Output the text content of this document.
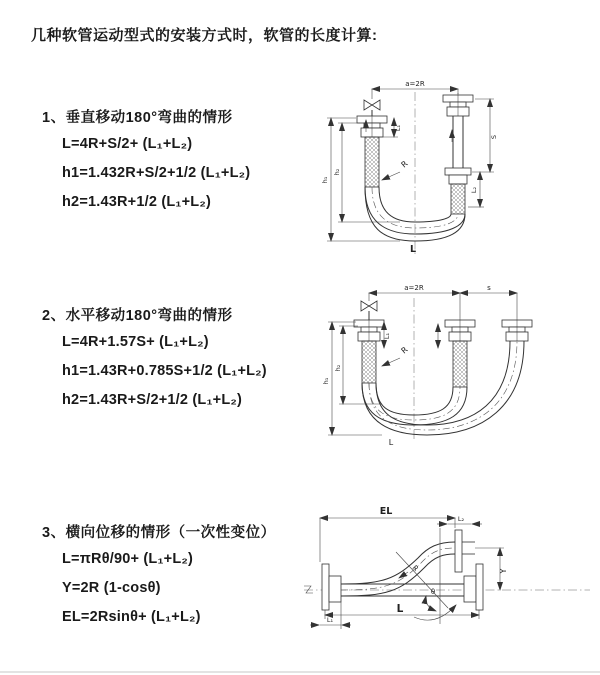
几种软管运动型式的安装方式时，软管的长度计算:
1、垂直移动180°弯曲的情形
L=4R+S/2+ (L₁+L₂)
h1=1.432R+S/2+1/2 (L₁+L₂)
h2=1.43R+1/2 (L₁+L₂)
a=2R
h₁
h₂
L₁
S
L₂
R
L
2、水平移动180°弯曲的情形
L=4R+1.57S+ (L₁+L₂)
h1=1.43R+0.785S+1/2 (L₁+L₂)
h2=1.43R+S/2+1/2 (L₁+L₂)
a=2R	s
L₁
h₁
h₂
R
L
3、横向位移的情形（一次性变位）
L=πRθ/90+ (L₁+L₂)
Y=2R (1-cosθ)
EL=2Rsinθ+ (L₁+L₂)
EL
L₂
R
θ
Y
L
L₁
